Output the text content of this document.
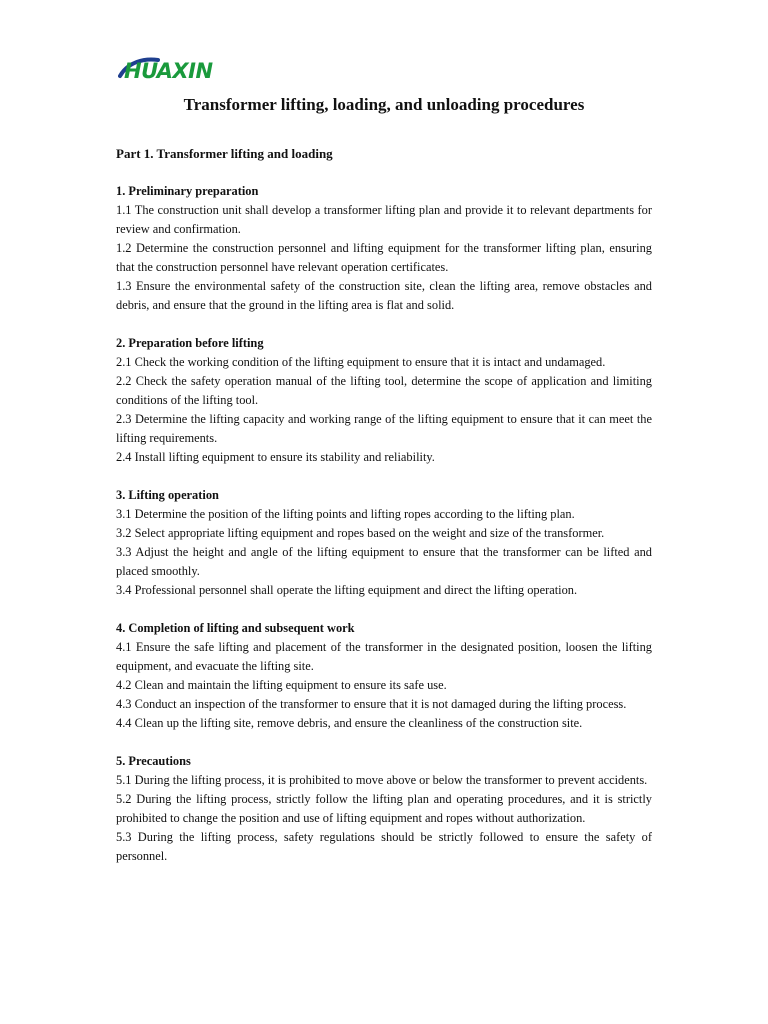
HUAXIN
Transformer lifting, loading, and unloading procedures

Part 1. Transformer lifting and loading

1. Preliminary preparation

1.1 The construction unit shall develop a transformer lifting plan and provide it to relevant departments for review and confirmation.

1.2 Determine the construction personnel and lifting equipment for the transformer lifting plan, ensuring that the construction personnel have relevant operation certificates.

1.3 Ensure the environmental safety of the construction site, clean the lifting area, remove obstacles and debris, and ensure that the ground in the lifting area is flat and solid.

2. Preparation before lifting

2.1 Check the working condition of the lifting equipment to ensure that it is intact and undamaged.

2.2 Check the safety operation manual of the lifting tool, determine the scope of application and limiting conditions of the lifting tool.

2.3 Determine the lifting capacity and working range of the lifting equipment to ensure that it can meet the lifting requirements.

2.4 Install lifting equipment to ensure its stability and reliability.

3. Lifting operation

3.1 Determine the position of the lifting points and lifting ropes according to the lifting plan.

3.2 Select appropriate lifting equipment and ropes based on the weight and size of the transformer.

3.3 Adjust the height and angle of the lifting equipment to ensure that the transformer can be lifted and placed smoothly.

3.4 Professional personnel shall operate the lifting equipment and direct the lifting operation.

4. Completion of lifting and subsequent work

4.1 Ensure the safe lifting and placement of the transformer in the designated position, loosen the lifting equipment, and evacuate the lifting site.

4.2 Clean and maintain the lifting equipment to ensure its safe use.

4.3 Conduct an inspection of the transformer to ensure that it is not damaged during the lifting process.

4.4 Clean up the lifting site, remove debris, and ensure the cleanliness of the construction site.

5. Precautions

5.1 During the lifting process, it is prohibited to move above or below the transformer to prevent accidents.

5.2 During the lifting process, strictly follow the lifting plan and operating procedures, and it is strictly prohibited to change the position and use of lifting equipment and ropes without authorization.

5.3 During the lifting process, safety regulations should be strictly followed to ensure the safety of personnel.
